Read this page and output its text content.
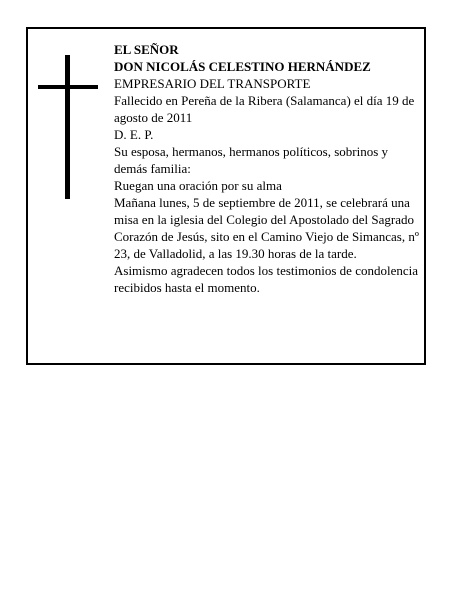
EL SEÑOR

DON NICOLÁS CELESTINO HERNÁNDEZ

EMPRESARIO DEL TRANSPORTE

Fallecido en Pereña de la Ribera (Salamanca) el día 19 de agosto de 2011

D. E. P.

Su esposa, hermanos, hermanos políticos, sobrinos y demás familia:

Ruegan una oración por su alma

Mañana lunes, 5 de septiembre de 2011, se celebrará una misa en la iglesia del Colegio del Apostolado del Sagrado Corazón de Jesús, sito en el Camino Viejo de Simancas, nº 23, de Valladolid, a las 19.30 horas de la tarde.

Asimismo agradecen todos los testimonios de condolencia recibidos hasta el momento.
